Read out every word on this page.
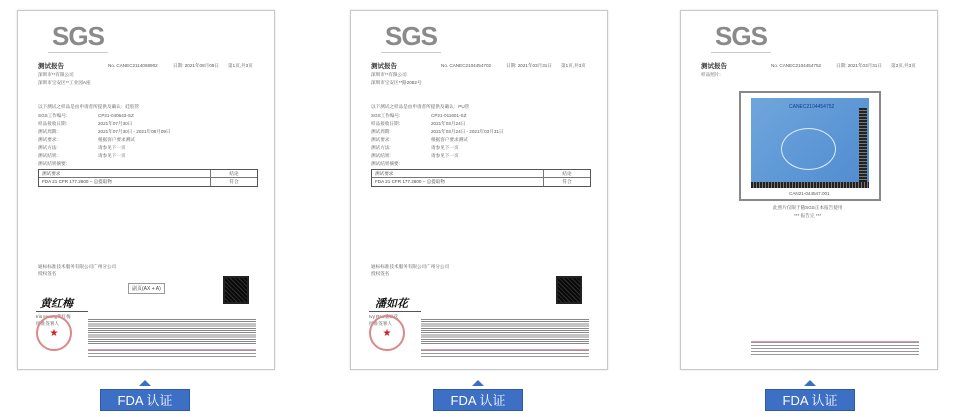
SGS
测试报告	No. CANEC2114068902	日期: 2021年08月09日 第1页,共3页
深圳市**有限公司
深圳市宝安区**工业园A座
以下测试之样品是由申请者所提供及确认：硅胶管
SGS工作编号:	CP21-040643-SZ
样品接收日期:	2021年07月30日
测试周期:	2021年07月30日 - 2021年08月09日
测试要求:	根据客户要求测试
测试方法:	请参见下一页
测试结果:	请参见下一页
测试结果摘要:
测试要求	结论
FDA 21 CFR 177.2600 – 总提取物	符合
通标标准技术服务有限公司广州分公司
授权签名
副页(AX + A)
黄红梅
Iris Huang黄红梅
批准签署人
★
SGS
测试报告	No. CANEC2104454702	日期: 2021年03月31日 第1页,共3页
深圳市**有限公司
深圳市宝安区**路2082号
以下测试之样品是由申请者所提供及确认：PU管
SGS工作编号:	CP21-011601-SZ
样品接收日期:	2021年03月24日
测试周期:	2021年03月24日 - 2021年03月31日
测试要求:	根据客户要求测试
测试方法:	请参见下一页
测试结果:	请参见下一页
测试结果摘要:
测试要求	结论
FDA 21 CFR 177.2600 – 总提取物	符合
通标标准技术服务有限公司广州分公司
授权签名
潘如花
Ivy Pan潘如花
批准签署人
★
SGS
测试报告	No. CANEC2104454752	日期: 2021年03月31日 第3页,共3页
样品照片:
CANEC2104454752
CAN21-044547.001
此照片仅限于随SGS正本报告使用
*** 报告完 ***
FDA 认证	FDA 认证	FDA 认证
